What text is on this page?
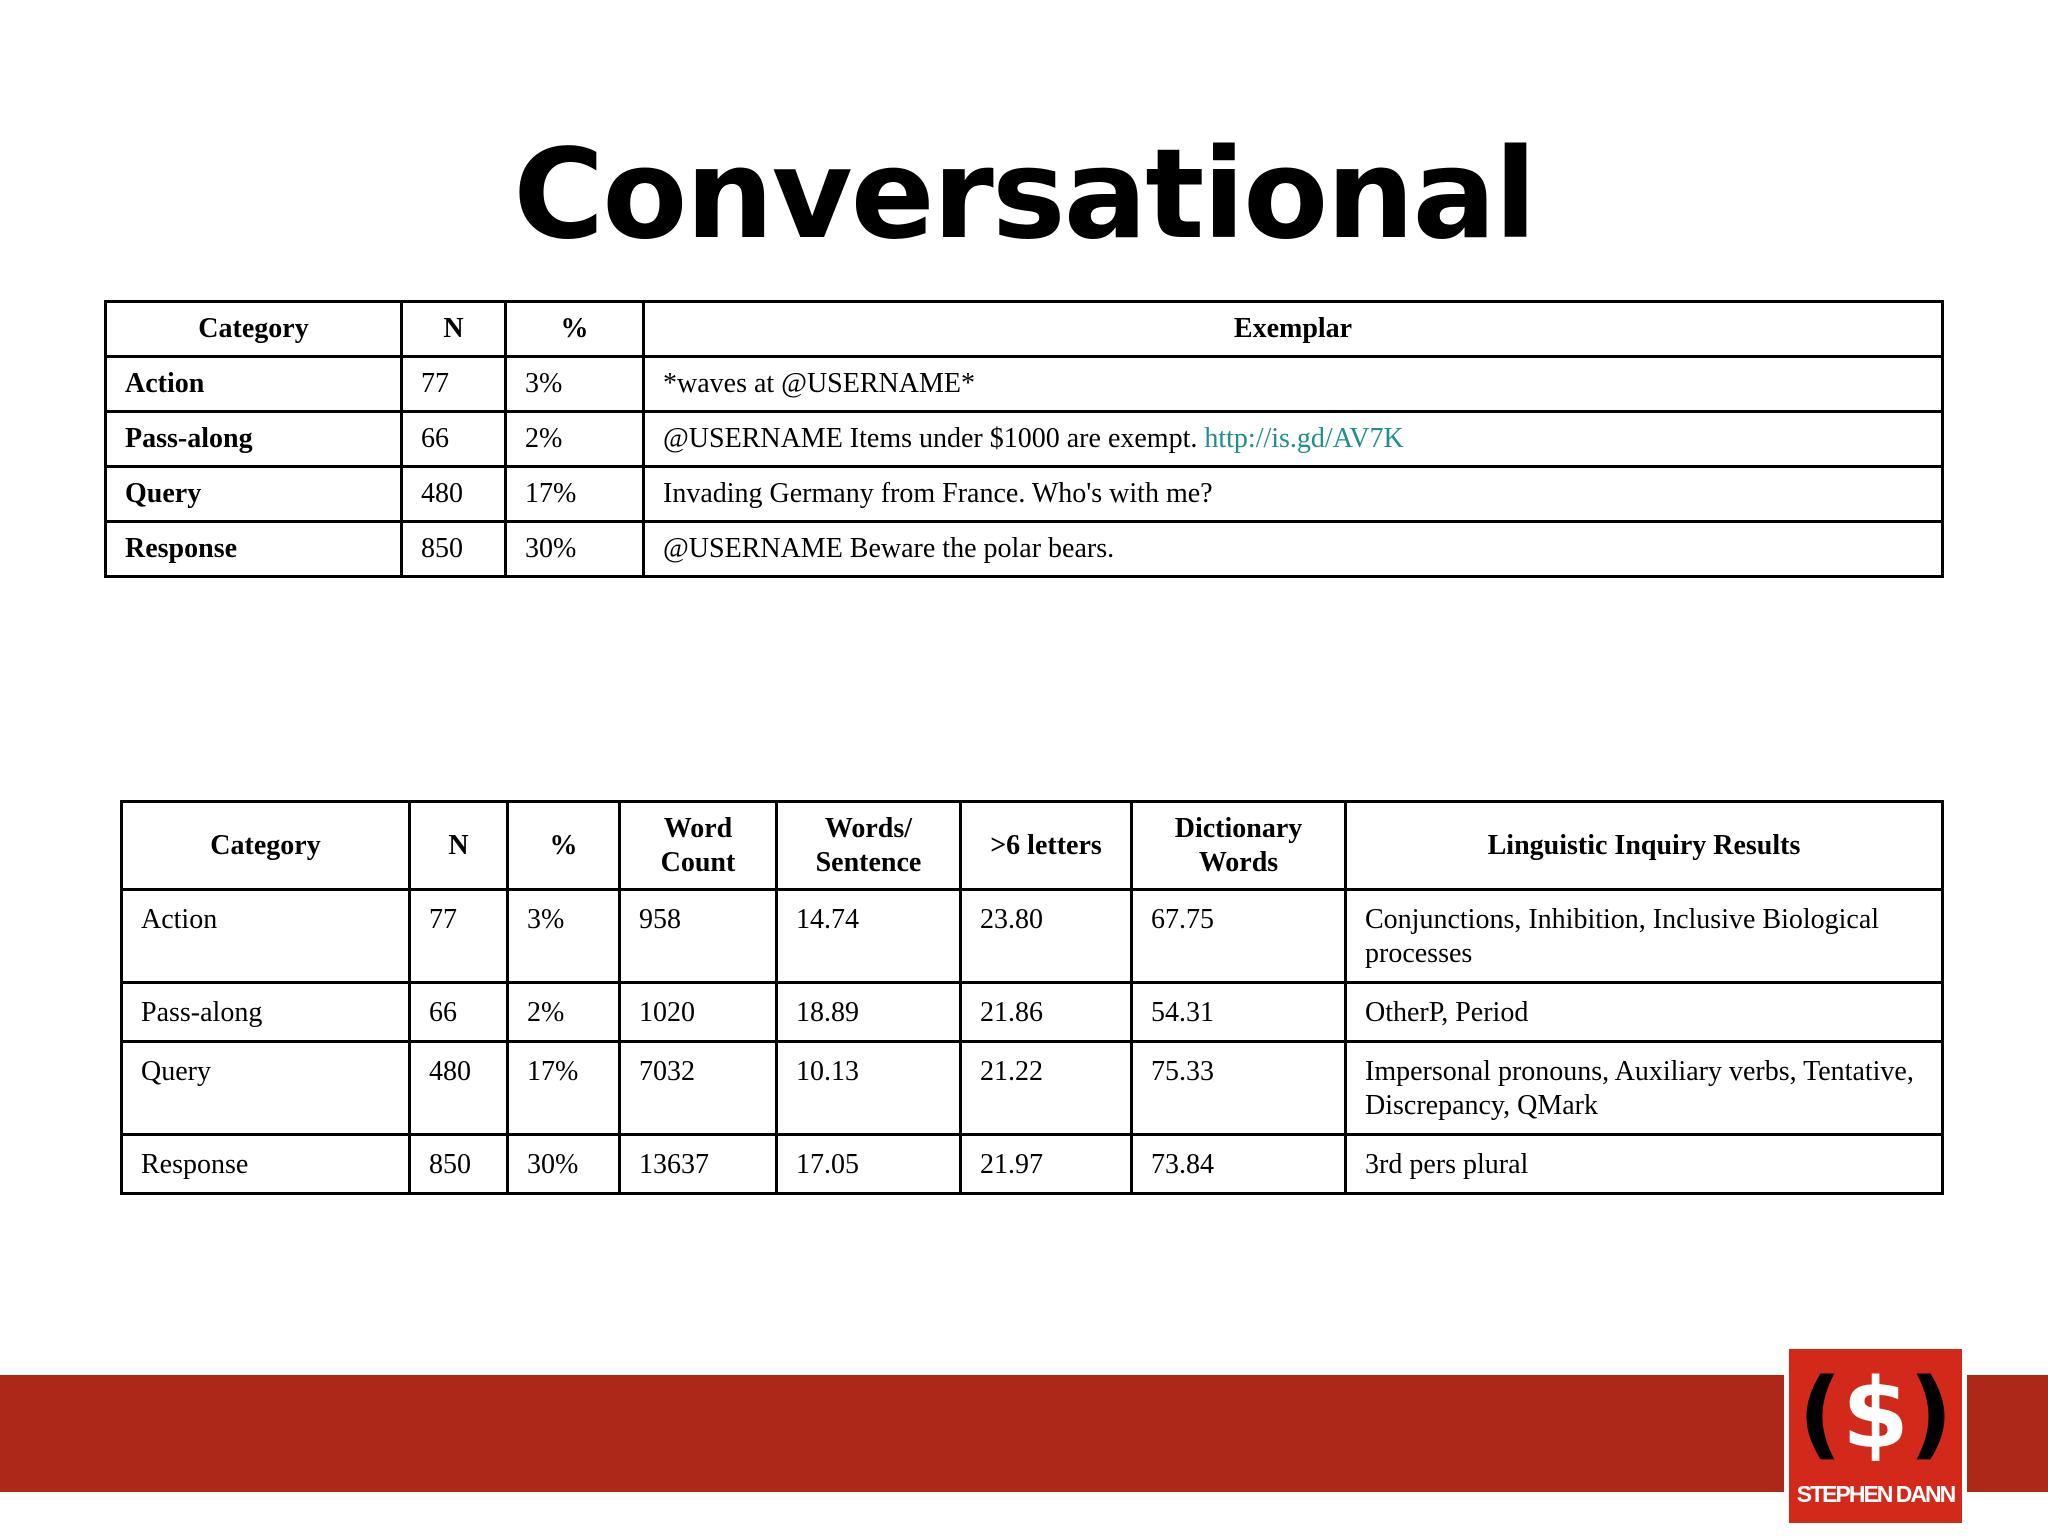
Conversational
Category	N	%	Exemplar
Action	77	3%	*waves at @USERNAME*
Pass-along	66	2%	@USERNAME Items under $1000 are exempt. http://is.gd/AV7K
Query	480	17%	Invading Germany from France. Who's with me?
Response	850	30%	@USERNAME Beware the polar bears.
Category	N	%	Word Count	Words/ Sentence	>6 letters	Dictionary Words	Linguistic Inquiry Results
Action	77	3%	958	14.74	23.80	67.75	Conjunctions, Inhibition, Inclusive Biological processes
Pass-along	66	2%	1020	18.89	21.86	54.31	OtherP, Period
Query	480	17%	7032	10.13	21.22	75.33	Impersonal pronouns, Auxiliary verbs, Tentative, Discrepancy, QMark
Response	850	30%	13637	17.05	21.97	73.84	3rd pers plural
($)
STEPHEN DANN
